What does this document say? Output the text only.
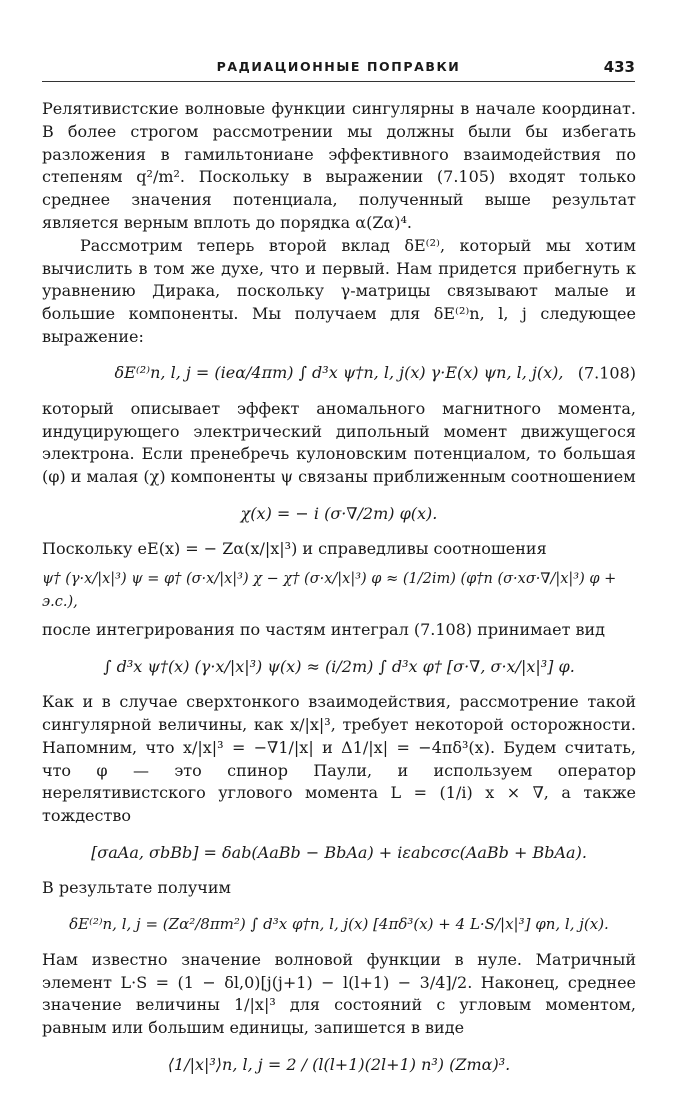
РАДИАЦИОННЫЕ ПОПРАВКИ	433

Релятивистские волновые функции сингулярны в начале координат. В более строгом рассмотрении мы должны были бы избегать разложения в гамильтониане эффективного взаимодействия по степеням q²/m². Поскольку в выражении (7.105) входят только среднее значения потенциала, полученный выше результат является верным вплоть до порядка α(Zα)⁴.

Рассмотрим теперь второй вклад δE⁽²⁾, который мы хотим вычислить в том же духе, что и первый. Нам придется прибегнуть к уравнению Дирака, поскольку γ-матрицы связывают малые и большие компоненты. Мы получаем для δE⁽²⁾n, l, j следующее выражение:

δE⁽²⁾n, l, j = (ieα/4πm) ∫ d³x ψ†n, l, j(x) γ·E(x) ψn, l, j(x), (7.108)

который описывает эффект аномального магнитного момента, индуцирующего электрический дипольный момент движущегося электрона. Если пренебречь кулоновским потенциалом, то большая (φ) и малая (χ) компоненты ψ связаны приближенным соотношением

χ(x) = − i (σ·∇/2m) φ(x).

Поскольку eE(x) = − Zα(x/|x|³) и справедливы соотношения

ψ† (γ·x/|x|³) ψ = φ† (σ·x/|x|³) χ − χ† (σ·x/|x|³) φ ≈ (1/2im) (φ†n (σ·xσ·∇/|x|³) φ + э.с.),

после интегрирования по частям интеграл (7.108) принимает вид

∫ d³x ψ†(x) (γ·x/|x|³) ψ(x) ≈ (i/2m) ∫ d³x φ† [σ·∇, σ·x/|x|³] φ.

Как и в случае сверхтонкого взаимодействия, рассмотрение такой сингулярной величины, как x/|x|³, требует некоторой осторожности. Напомним, что x/|x|³ = −∇1/|x| и Δ1/|x| = −4πδ³(x). Будем считать, что φ — это спинор Паули, и используем оператор нерелятивистского углового момента L = (1/i) x × ∇, а также тождество

[σaAa, σbBb] = δab(AaBb − BbAa) + iεabcσc(AaBb + BbAa).

В результате получим

δE⁽²⁾n, l, j = (Zα²/8πm²) ∫ d³x φ†n, l, j(x) [4πδ³(x) + 4 L·S/|x|³] φn, l, j(x).

Нам известно значение волновой функции в нуле. Матричный элемент L·S = (1 − δl,0)[j(j+1) − l(l+1) − 3/4]/2. Наконец, среднее значение величины 1/|x|³ для состояний с угловым моментом, равным или большим единицы, запишется в виде

⟨1/|x|³⟩n, l, j = 2 / (l(l+1)(2l+1) n³) (Zmα)³.
